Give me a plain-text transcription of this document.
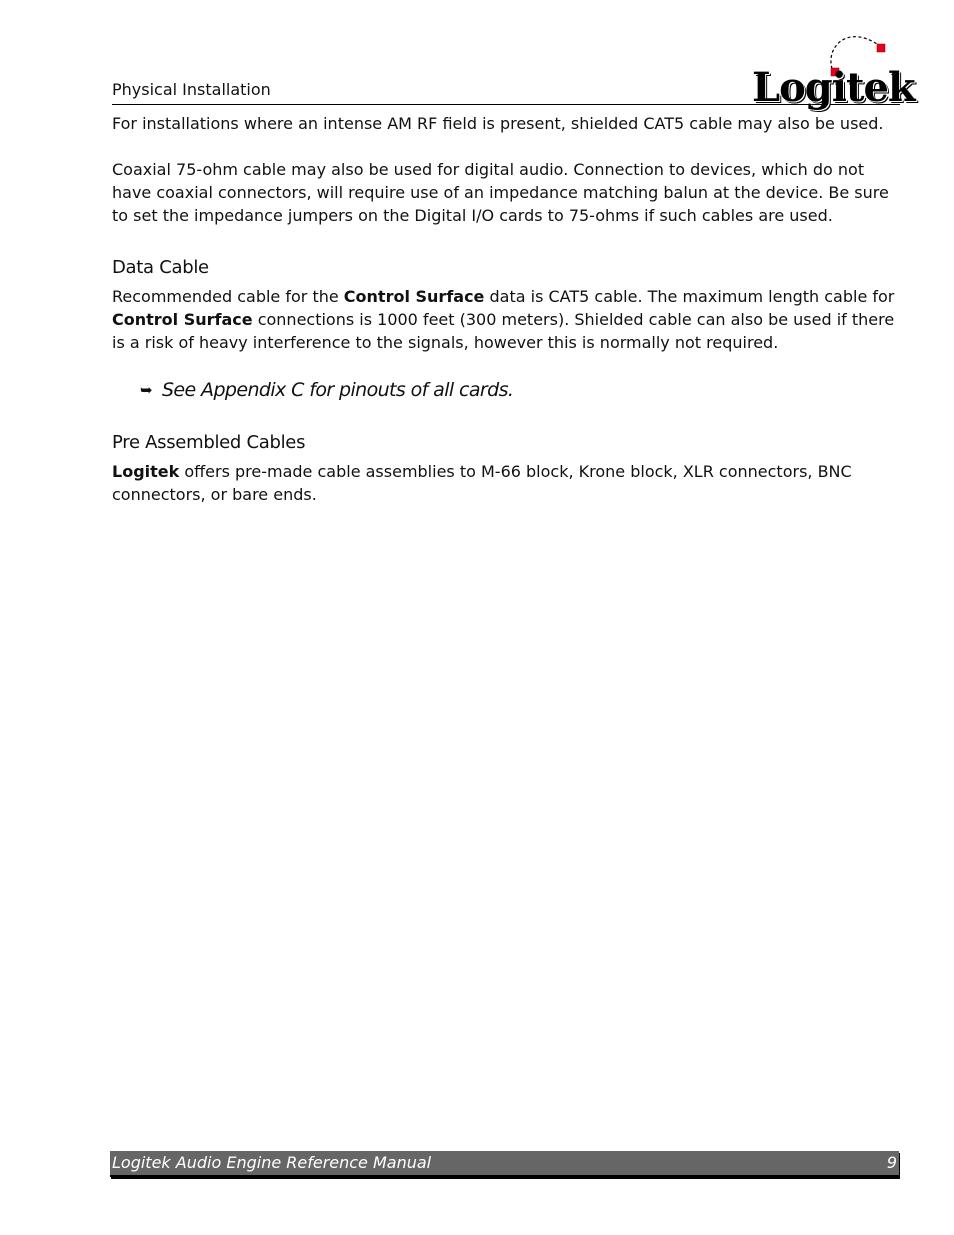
Physical Installation	Logitek

For installations where an intense AM RF field is present, shielded CAT5 cable may also be used.

Coaxial 75-ohm cable may also be used for digital audio. Connection to devices, which do not have coaxial connectors, will require use of an impedance matching balun at the device. Be sure to set the impedance jumpers on the Digital I/O cards to 75-ohms if such cables are used.

Data Cable

Recommended cable for the Control Surface data is CAT5 cable. The maximum length cable for Control Surface connections is 1000 feet (300 meters). Shielded cable can also be used if there is a risk of heavy interference to the signals, however this is normally not required.

➥ See Appendix C for pinouts of all cards.
Pre Assembled Cables

Logitek offers pre-made cable assemblies to M-66 block, Krone block, XLR connectors, BNC connectors, or bare ends.

Logitek Audio Engine Reference Manual	9
